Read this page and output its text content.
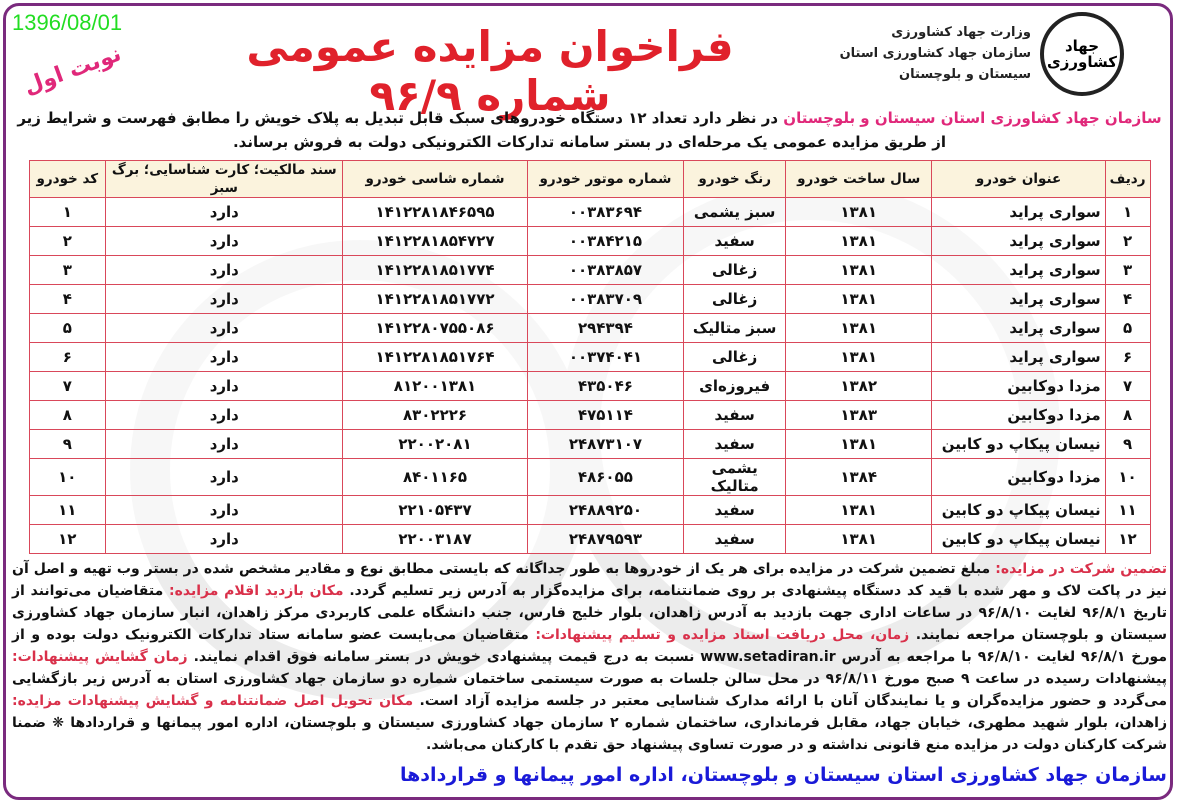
1396/08/01
نوبت اول	فراخوان مزایده عمومی شماره ۹۶/۹
جهاد کشاورزی
وزارت جهاد کشاورزی
سازمان جهاد کشاورزی استان
سیستان و بلوچستان
سازمان جهاد کشاورزی استان سیستان و بلوچستان در نظر دارد تعداد ۱۲ دستگاه خودروهای سبک قابل تبدیل به پلاک خویش را مطابق فهرست و شرایط زیر از طریق مزایده عمومی یک مرحله‌ای در بستر سامانه تدارکات الکترونیکی دولت به فروش برساند.
ردیف	عنوان خودرو	سال ساخت خودرو	رنگ خودرو	شماره موتور خودرو	شماره شاسی خودرو	سند مالکیت؛ کارت شناسایی؛ برگ سبز	کد خودرو
۱	سواری پراید	۱۳۸۱	سبز یشمی	۰۰۳۸۳۶۹۴	۱۴۱۲۲۸۱۸۴۶۵۹۵	دارد	۱
۲	سواری پراید	۱۳۸۱	سفید	۰۰۳۸۴۲۱۵	۱۴۱۲۲۸۱۸۵۴۷۲۷	دارد	۲
۳	سواری پراید	۱۳۸۱	زغالی	۰۰۳۸۳۸۵۷	۱۴۱۲۲۸۱۸۵۱۷۷۴	دارد	۳
۴	سواری پراید	۱۳۸۱	زغالی	۰۰۳۸۳۷۰۹	۱۴۱۲۲۸۱۸۵۱۷۷۲	دارد	۴
۵	سواری پراید	۱۳۸۱	سبز متالیک	۲۹۴۳۹۴	۱۴۱۲۲۸۰۷۵۵۰۸۶	دارد	۵
۶	سواری پراید	۱۳۸۱	زغالی	۰۰۳۷۴۰۴۱	۱۴۱۲۲۸۱۸۵۱۷۶۴	دارد	۶
۷	مزدا دوکابین	۱۳۸۲	فیروزه‌ای	۴۳۵۰۴۶	۸۱۲۰۰۱۳۸۱	دارد	۷
۸	مزدا دوکابین	۱۳۸۳	سفید	۴۷۵۱۱۴	۸۳۰۲۲۲۶	دارد	۸
۹	نیسان پیکاپ دو کابین	۱۳۸۱	سفید	۲۴۸۷۳۱۰۷	۲۲۰۰۲۰۸۱	دارد	۹
۱۰	مزدا دوکابین	۱۳۸۴	یشمی متالیک	۴۸۶۰۵۵	۸۴۰۱۱۶۵	دارد	۱۰
۱۱	نیسان پیکاپ دو کابین	۱۳۸۱	سفید	۲۴۸۸۹۲۵۰	۲۲۱۰۵۴۳۷	دارد	۱۱
۱۲	نیسان پیکاپ دو کابین	۱۳۸۱	سفید	۲۴۸۷۹۵۹۳	۲۲۰۰۳۱۸۷	دارد	۱۲
تضمین شرکت در مزایده: مبلغ تضمین شرکت در مزایده برای هر یک از خودروها به طور جداگانه که بایستی مطابق نوع و مقادیر مشخص شده در بستر وب تهیه و اصل آن نیز در پاکت لاک و مهر شده با قید کد دستگاه پیشنهادی بر روی ضمانتنامه، برای مزایده‌گزار به آدرس زیر تسلیم گردد. مکان بازدید اقلام مزایده: متقاضیان می‌توانند از تاریخ ۹۶/۸/۱ لغایت ۹۶/۸/۱۰ در ساعات اداری جهت بازدید به آدرس زاهدان، بلوار خلیج فارس، جنب دانشگاه علمی کاربردی مرکز زاهدان، انبار سازمان جهاد کشاورزی سیستان و بلوچستان مراجعه نمایند. زمان، محل دریافت اسناد مزایده و تسلیم پیشنهادات: متقاضیان می‌بایست عضو سامانه ستاد تدارکات الکترونیک دولت بوده و از مورخ ۹۶/۸/۱ لغایت ۹۶/۸/۱۰ با مراجعه به آدرس www.setadiran.ir نسبت به درج قیمت پیشنهادی خویش در بستر سامانه فوق اقدام نمایند. زمان گشایش پیشنهادات: پیشنهادات رسیده در ساعت ۹ صبح مورخ ۹۶/۸/۱۱ در محل سالن جلسات به صورت سیستمی ساختمان شماره دو سازمان جهاد کشاورزی استان به آدرس زیر بازگشایی می‌گردد و حضور مزایده‌گران و یا نمایندگان آنان با ارائه مدارک شناسایی معتبر در جلسه مزایده آزاد است. مکان تحویل اصل ضمانتنامه و گشایش پیشنهادات مزایده: زاهدان، بلوار شهید مطهری، خیابان جهاد، مقابل فرمانداری، ساختمان شماره ۲ سازمان جهاد کشاورزی سیستان و بلوچستان، اداره امور پیمانها و قراردادها ❋ ضمنا شرکت کارکنان دولت در مزایده منع قانونی نداشته و در صورت تساوی پیشنهاد حق تقدم با کارکنان می‌باشد.
سازمان جهاد کشاورزی استان سیستان و بلوچستان، اداره امور پیمانها و قراردادها
